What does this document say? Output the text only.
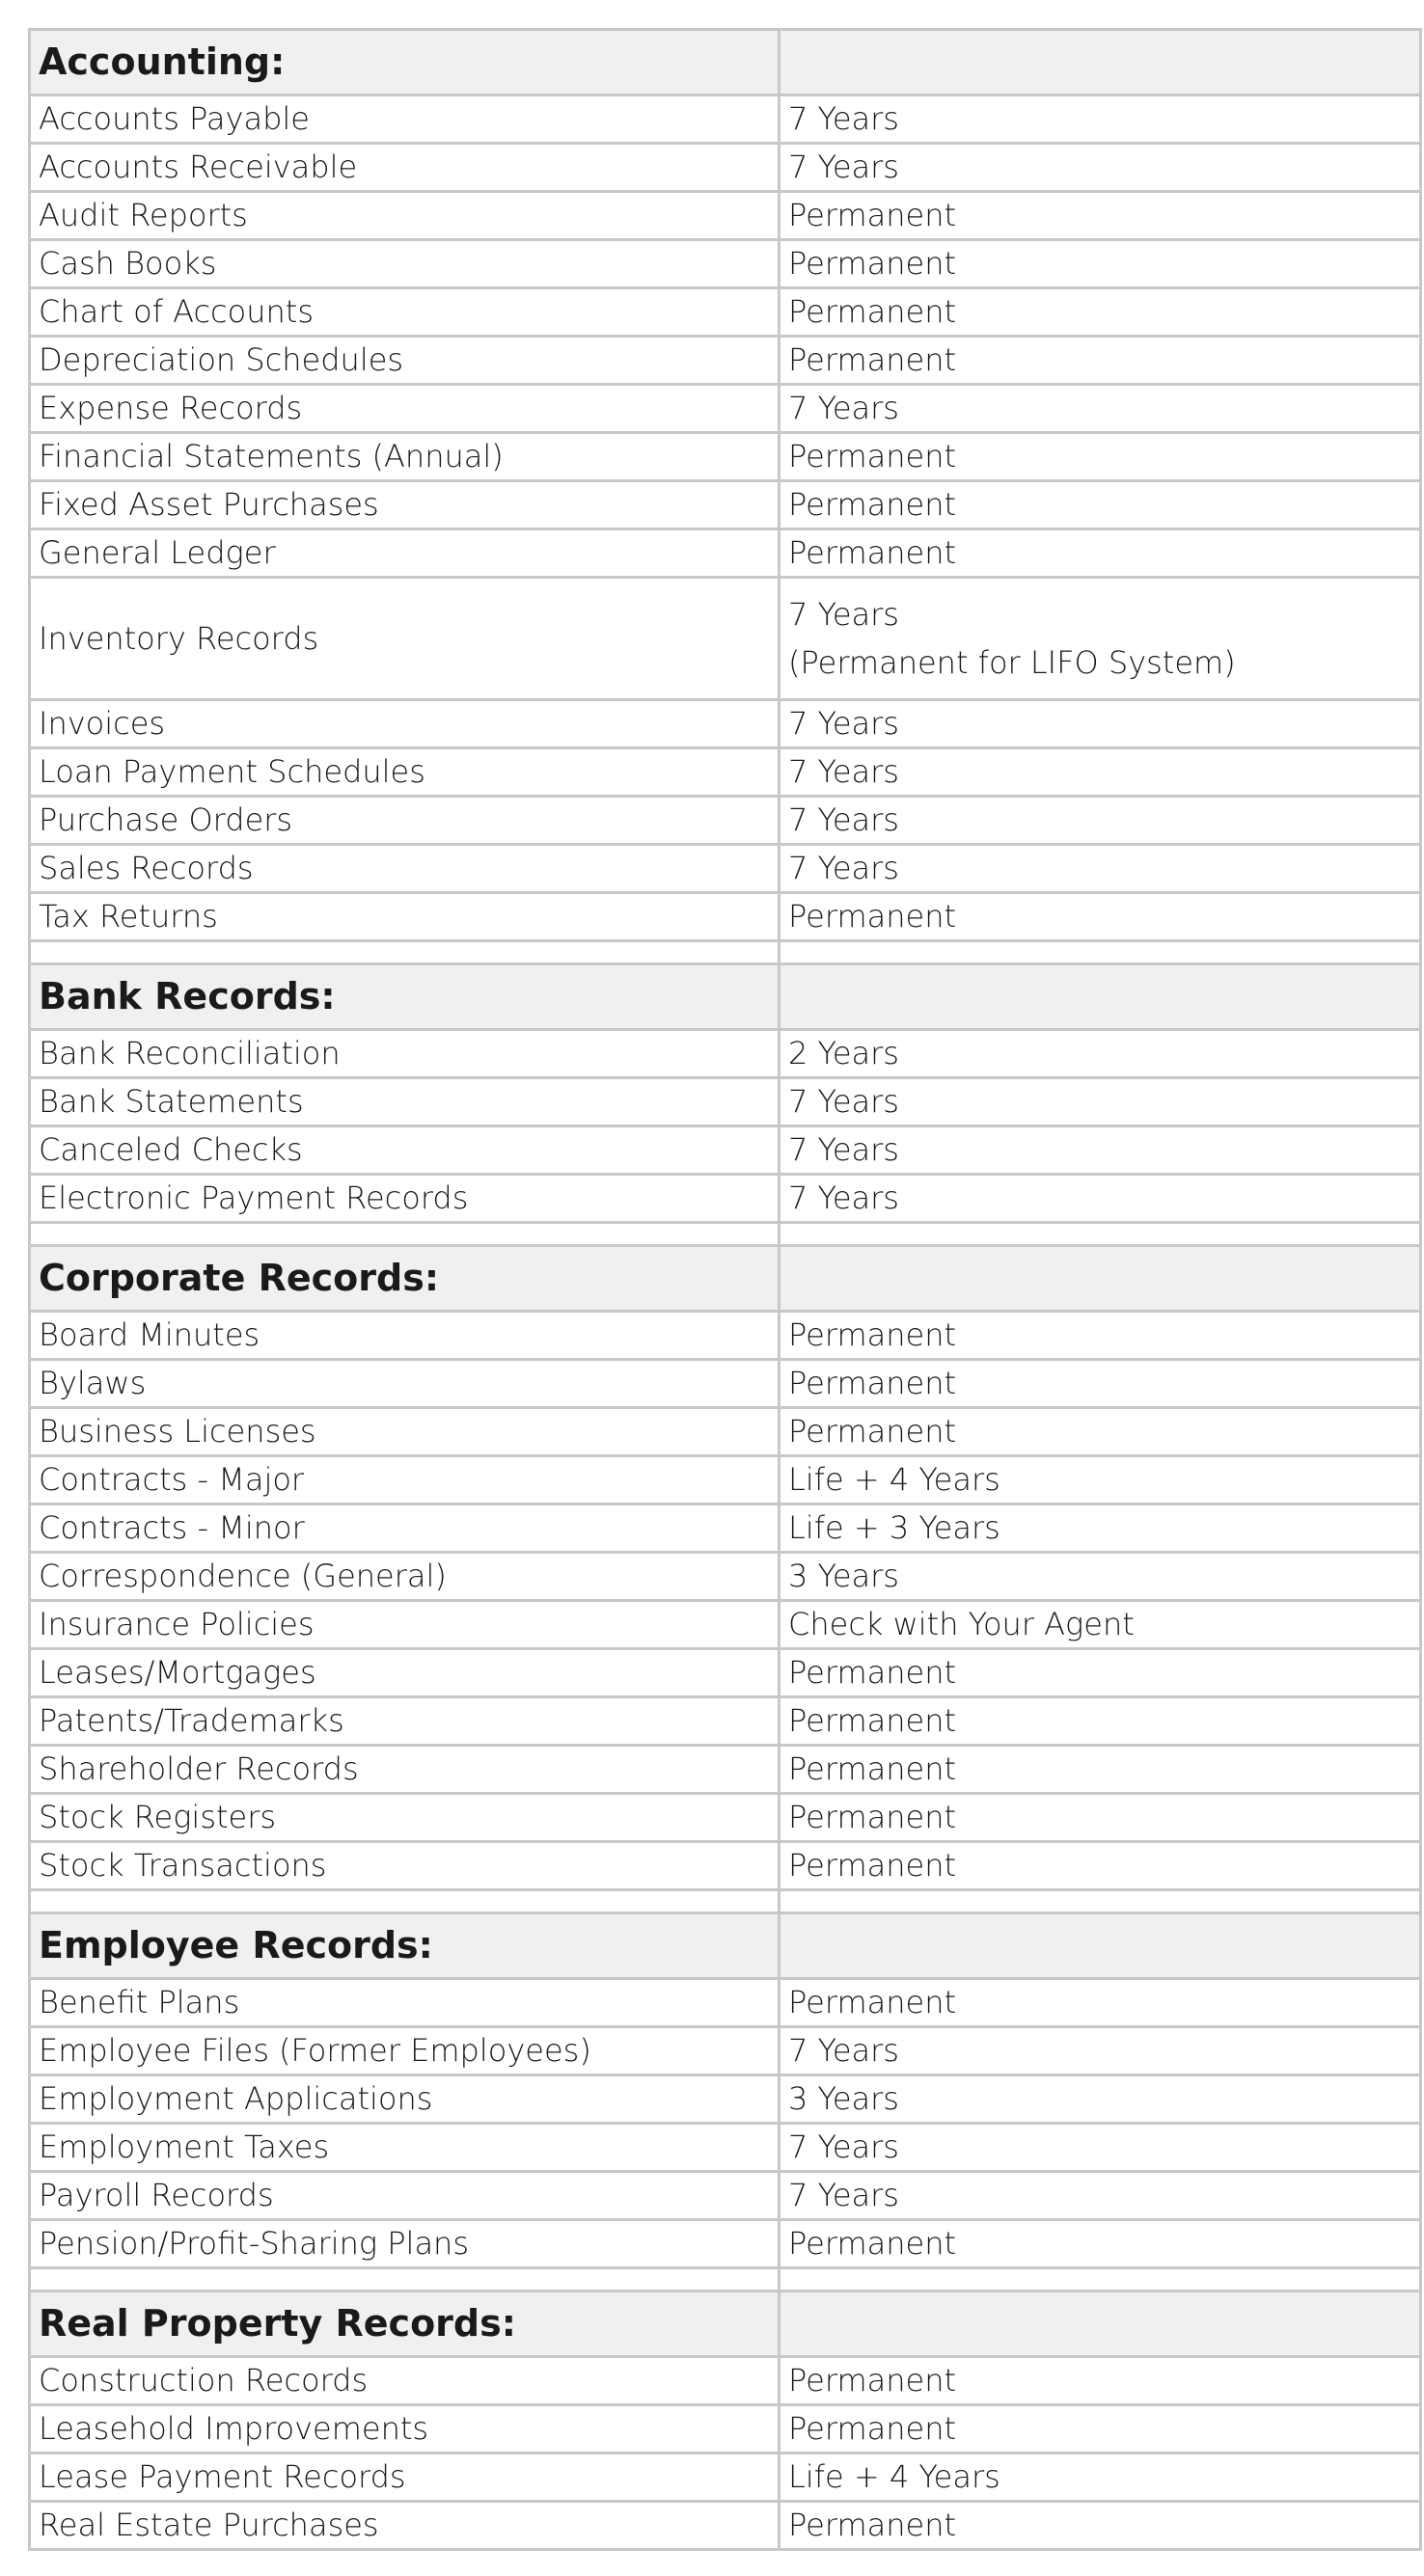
Accounting:	
Accounts Payable	7 Years
Accounts Receivable	7 Years
Audit Reports	Permanent
Cash Books	Permanent
Chart of Accounts	Permanent
Depreciation Schedules	Permanent
Expense Records	7 Years
Financial Statements (Annual)	Permanent
Fixed Asset Purchases	Permanent
General Ledger	Permanent
Inventory Records	7 Years
(Permanent for LIFO System)

Invoices	7 Years
Loan Payment Schedules	7 Years
Purchase Orders	7 Years
Sales Records	7 Years
Tax Returns	Permanent

Bank Records:	
Bank Reconciliation	2 Years
Bank Statements	7 Years
Canceled Checks	7 Years
Electronic Payment Records	7 Years

Corporate Records:	
Board Minutes	Permanent
Bylaws	Permanent
Business Licenses	Permanent
Contracts - Major	Life + 4 Years
Contracts - Minor	Life + 3 Years
Correspondence (General)	3 Years
Insurance Policies	Check with Your Agent
Leases/Mortgages	Permanent
Patents/Trademarks	Permanent
Shareholder Records	Permanent
Stock Registers	Permanent
Stock Transactions	Permanent

Employee Records:	
Benefit Plans	Permanent
Employee Files (Former Employees)	7 Years
Employment Applications	3 Years
Employment Taxes	7 Years
Payroll Records	7 Years
Pension/Profit-Sharing Plans	Permanent

Real Property Records:	
Construction Records	Permanent
Leasehold Improvements	Permanent
Lease Payment Records	Life + 4 Years
Real Estate Purchases	Permanent
